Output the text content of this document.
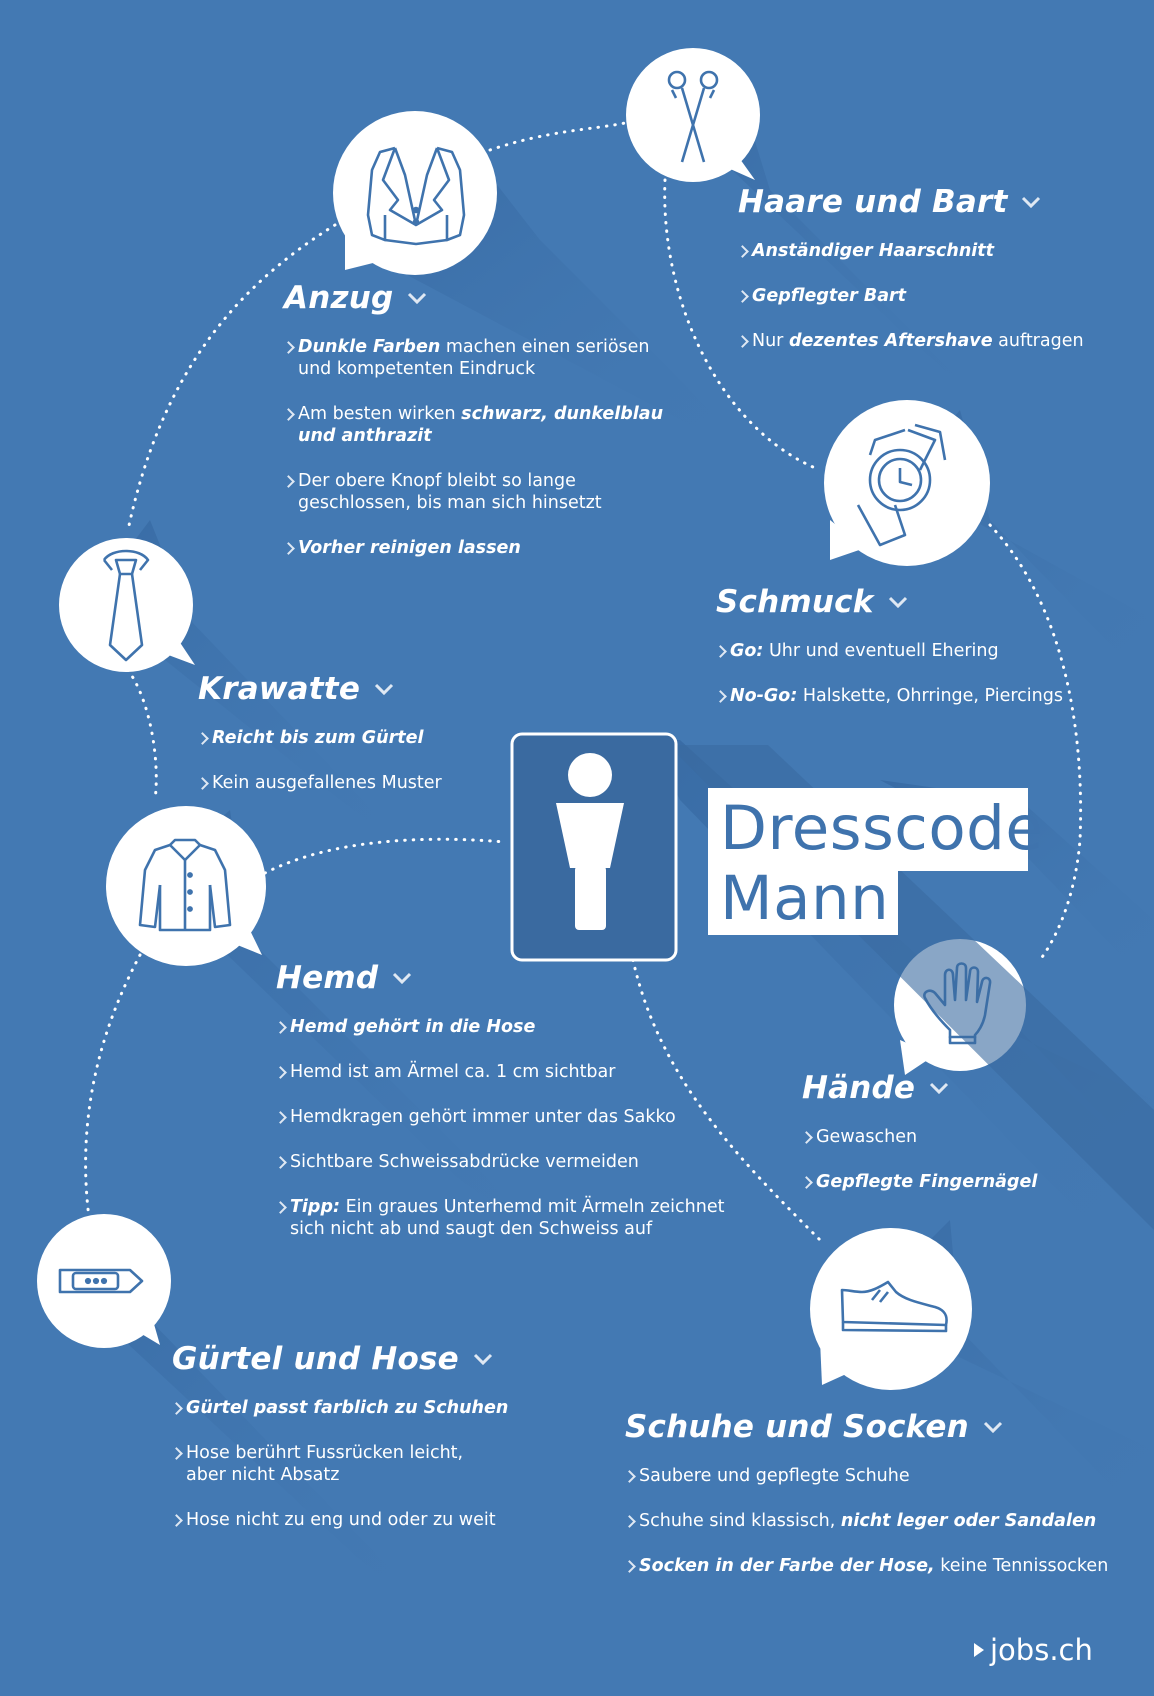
Dresscode
Mann
Anzug
Dunkle Farben machen einen seriösen
und kompetenten Eindruck
Am besten wirken schwarz, dunkelblau
und anthrazit
Der obere Knopf bleibt so lange
geschlossen, bis man sich hinsetzt
Vorher reinigen lassen
Haare und Bart
Anständiger Haarschnitt
Gepflegter Bart
Nur dezentes Aftershave auftragen
Schmuck
Go: Uhr und eventuell Ehering
No-Go: Halskette, Ohrringe, Piercings
Krawatte
Reicht bis zum Gürtel
Kein ausgefallenes Muster
Hemd
Hemd gehört in die Hose
Hemd ist am Ärmel ca. 1 cm sichtbar
Hemdkragen gehört immer unter das Sakko
Sichtbare Schweissabdrücke vermeiden
Tipp: Ein graues Unterhemd mit Ärmeln zeichnet
sich nicht ab und saugt den Schweiss auf
Hände
Gewaschen
Gepflegte Fingernägel
Gürtel und Hose
Gürtel passt farblich zu Schuhen
Hose berührt Fussrücken leicht,
aber nicht Absatz
Hose nicht zu eng und oder zu weit
Schuhe und Socken
Saubere und gepflegte Schuhe
Schuhe sind klassisch, nicht leger oder Sandalen
Socken in der Farbe der Hose, keine Tennissocken
jobs.ch
